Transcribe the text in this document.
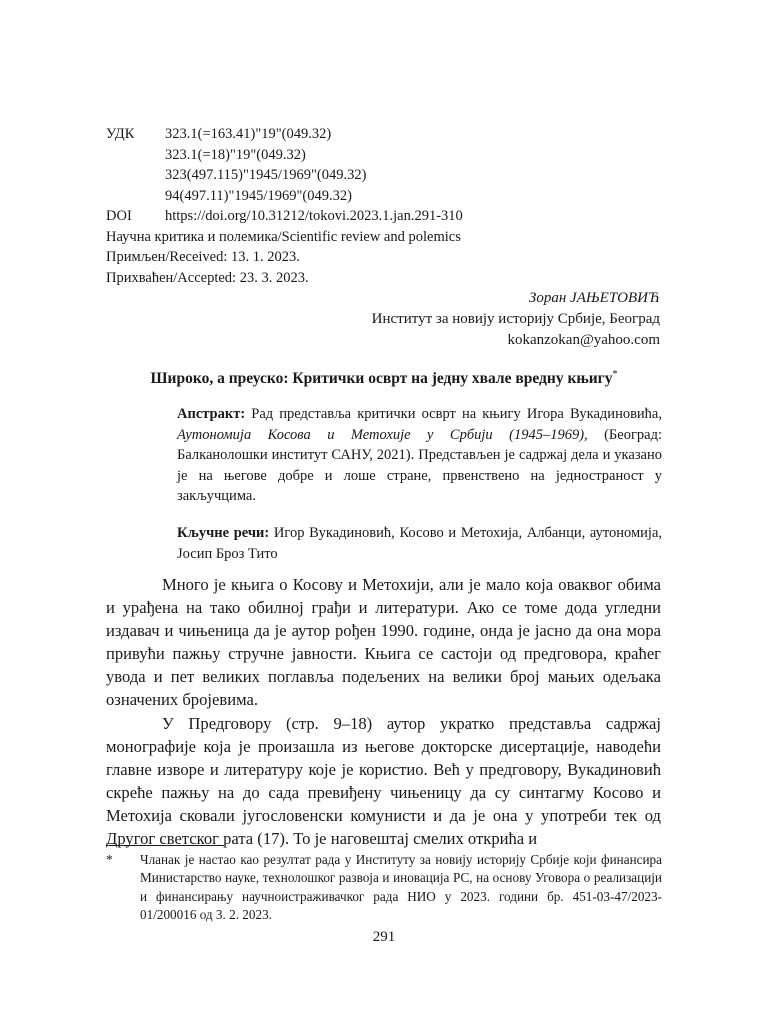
УДК	323.1(=163.41)"19"(049.32)
323.1(=18)"19"(049.32)
323(497.115)"1945/1969"(049.32)
94(497.11)"1945/1969"(049.32)
DOI	https://doi.org/10.31212/tokovi.2023.1.jan.291-310
Научна критика и полемика/Scientific review and polemics
Примљен/Received: 13. 1. 2023.
Прихваћен/Accepted: 23. 3. 2023.
Зоран ЈАЊЕТОВИЋ
Институт за новију историју Србије, Београд
kokanzokan@yahoo.com
Широко, а преуско: Критички осврт на једну хвале вредну књигу*
Апстракт: Рад представља критички осврт на књигу Игора Вукадиновића, Аутономија Косова и Метохије у Србији (1945–1969), (Београд: Балканолошки институт САНУ, 2021). Представљен је садржај дела и указано је на његове добре и лоше стране, првенствено на једностраност у закључцима.
Кључне речи: Игор Вукадиновић, Косово и Метохија, Албанци, аутономија, Јосип Броз Тито

Много је књига о Косову и Метохији, али је мало која оваквог обима и урађена на тако обилној грађи и литератури. Ако се томе дода угледни издавач и чињеница да је аутор рођен 1990. године, онда је јасно да она мора привући пажњу стручне јавности. Књига се састоји од предговора, краћег увода и пет великих поглавља подељених на велики број мањих одељака означених бројевима.

У Предговору (стр. 9–18) аутор укратко представља садржај монографије која је произашла из његове докторске дисертације, наводећи главне изворе и литературу које је користио. Већ у предговору, Вукадиновић скреће пажњу на до сада превиђену чињеницу да су синтагму Косово и Метохија сковали југословенски комунисти и да је она у употреби тек од Другог светског рата (17). То је наговештај смелих открића и

*	Чланак је настао као резултат рада у Институту за новију историју Србије који финансира Министарство науке, технолошког развоја и иновација РС, на основу Уговора о реализацији и финансирању научноистраживачког рада НИО у 2023. години бр. 451-03-47/2023-01/200016 од 3. 2. 2023.
291
